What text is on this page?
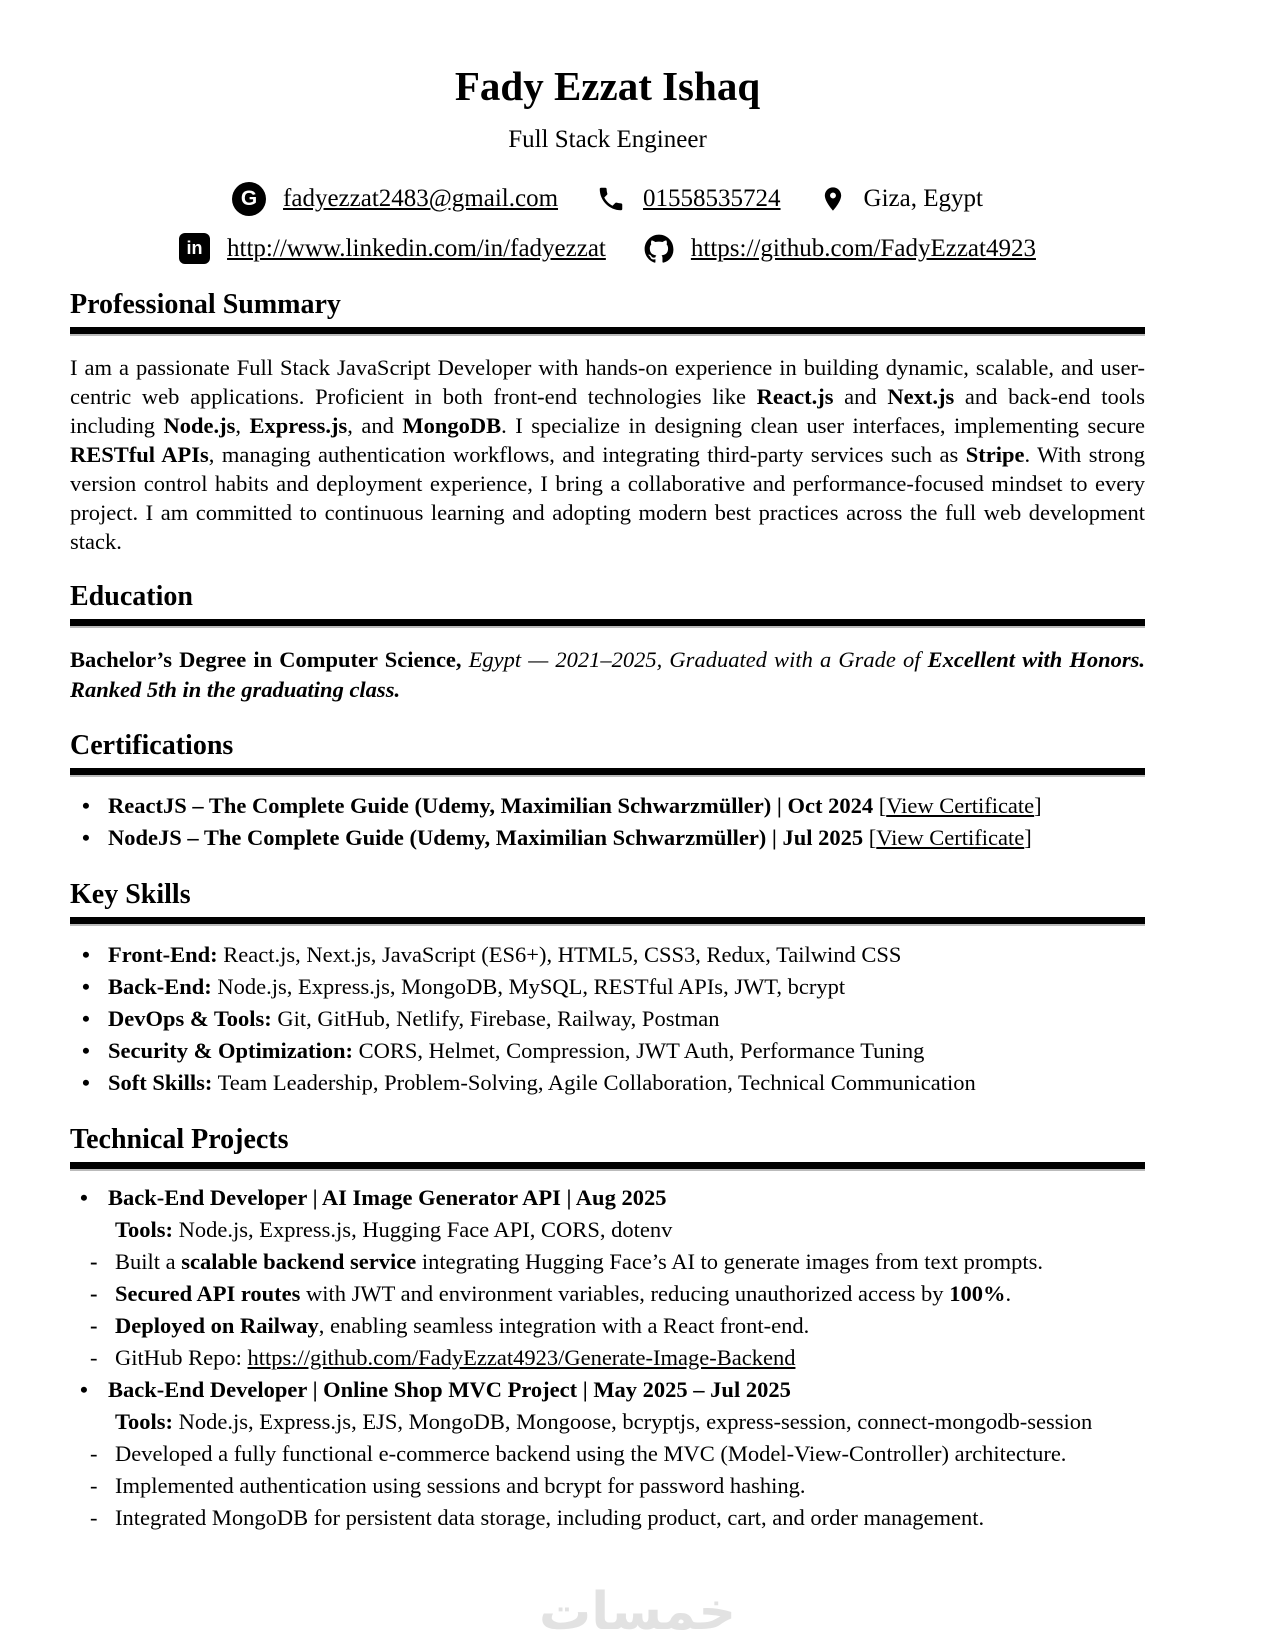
Fady Ezzat Ishaq
Full Stack Engineer
G	fadyezzat2483@gmail.com	01558535724	Giza, Egypt
in http://www.linkedin.com/in/fadyezzat	https://github.com/FadyEzzat4923
Professional Summary

I am a passionate Full Stack JavaScript Developer with hands-on experience in building dynamic, scalable, and user-centric web applications. Proficient in both front-end technologies like React.js and Next.js and back-end tools including Node.js, Express.js, and MongoDB. I specialize in designing clean user interfaces, implementing secure RESTful APIs, managing authentication workflows, and integrating third-party services such as Stripe. With strong version control habits and deployment experience, I bring a collaborative and performance-focused mindset to every project. I am committed to continuous learning and adopting modern best practices across the full web development stack.

Education

Bachelor’s Degree in Computer Science, Egypt — 2021–2025, Graduated with a Grade of Excellent with Honors. Ranked 5th in the graduating class.

Certifications
• ReactJS – The Complete Guide (Udemy, Maximilian Schwarzmüller) | Oct 2024 [View Certificate]
• NodeJS – The Complete Guide (Udemy, Maximilian Schwarzmüller) | Jul 2025 [View Certificate]
Key Skills
• Front-End: React.js, Next.js, JavaScript (ES6+), HTML5, CSS3, Redux, Tailwind CSS
• Back-End: Node.js, Express.js, MongoDB, MySQL, RESTful APIs, JWT, bcrypt
• DevOps & Tools: Git, GitHub, Netlify, Firebase, Railway, Postman
• Security & Optimization: CORS, Helmet, Compression, JWT Auth, Performance Tuning
• Soft Skills: Team Leadership, Problem-Solving, Agile Collaboration, Technical Communication
Technical Projects
• Back-End Developer | AI Image Generator API | Aug 2025
Tools: Node.js, Express.js, Hugging Face API, CORS, dotenv
- Built a scalable backend service integrating Hugging Face’s AI to generate images from text prompts.
- Secured API routes with JWT and environment variables, reducing unauthorized access by 100%.
- Deployed on Railway, enabling seamless integration with a React front-end.
- GitHub Repo: https://github.com/FadyEzzat4923/Generate-Image-Backend
• Back-End Developer | Online Shop MVC Project | May 2025 – Jul 2025
Tools: Node.js, Express.js, EJS, MongoDB, Mongoose, bcryptjs, express-session, connect-mongodb-session
- Developed a fully functional e-commerce backend using the MVC (Model-View-Controller) architecture.
- Implemented authentication using sessions and bcrypt for password hashing.
- Integrated MongoDB for persistent data storage, including product, cart, and order management.
خمسات
